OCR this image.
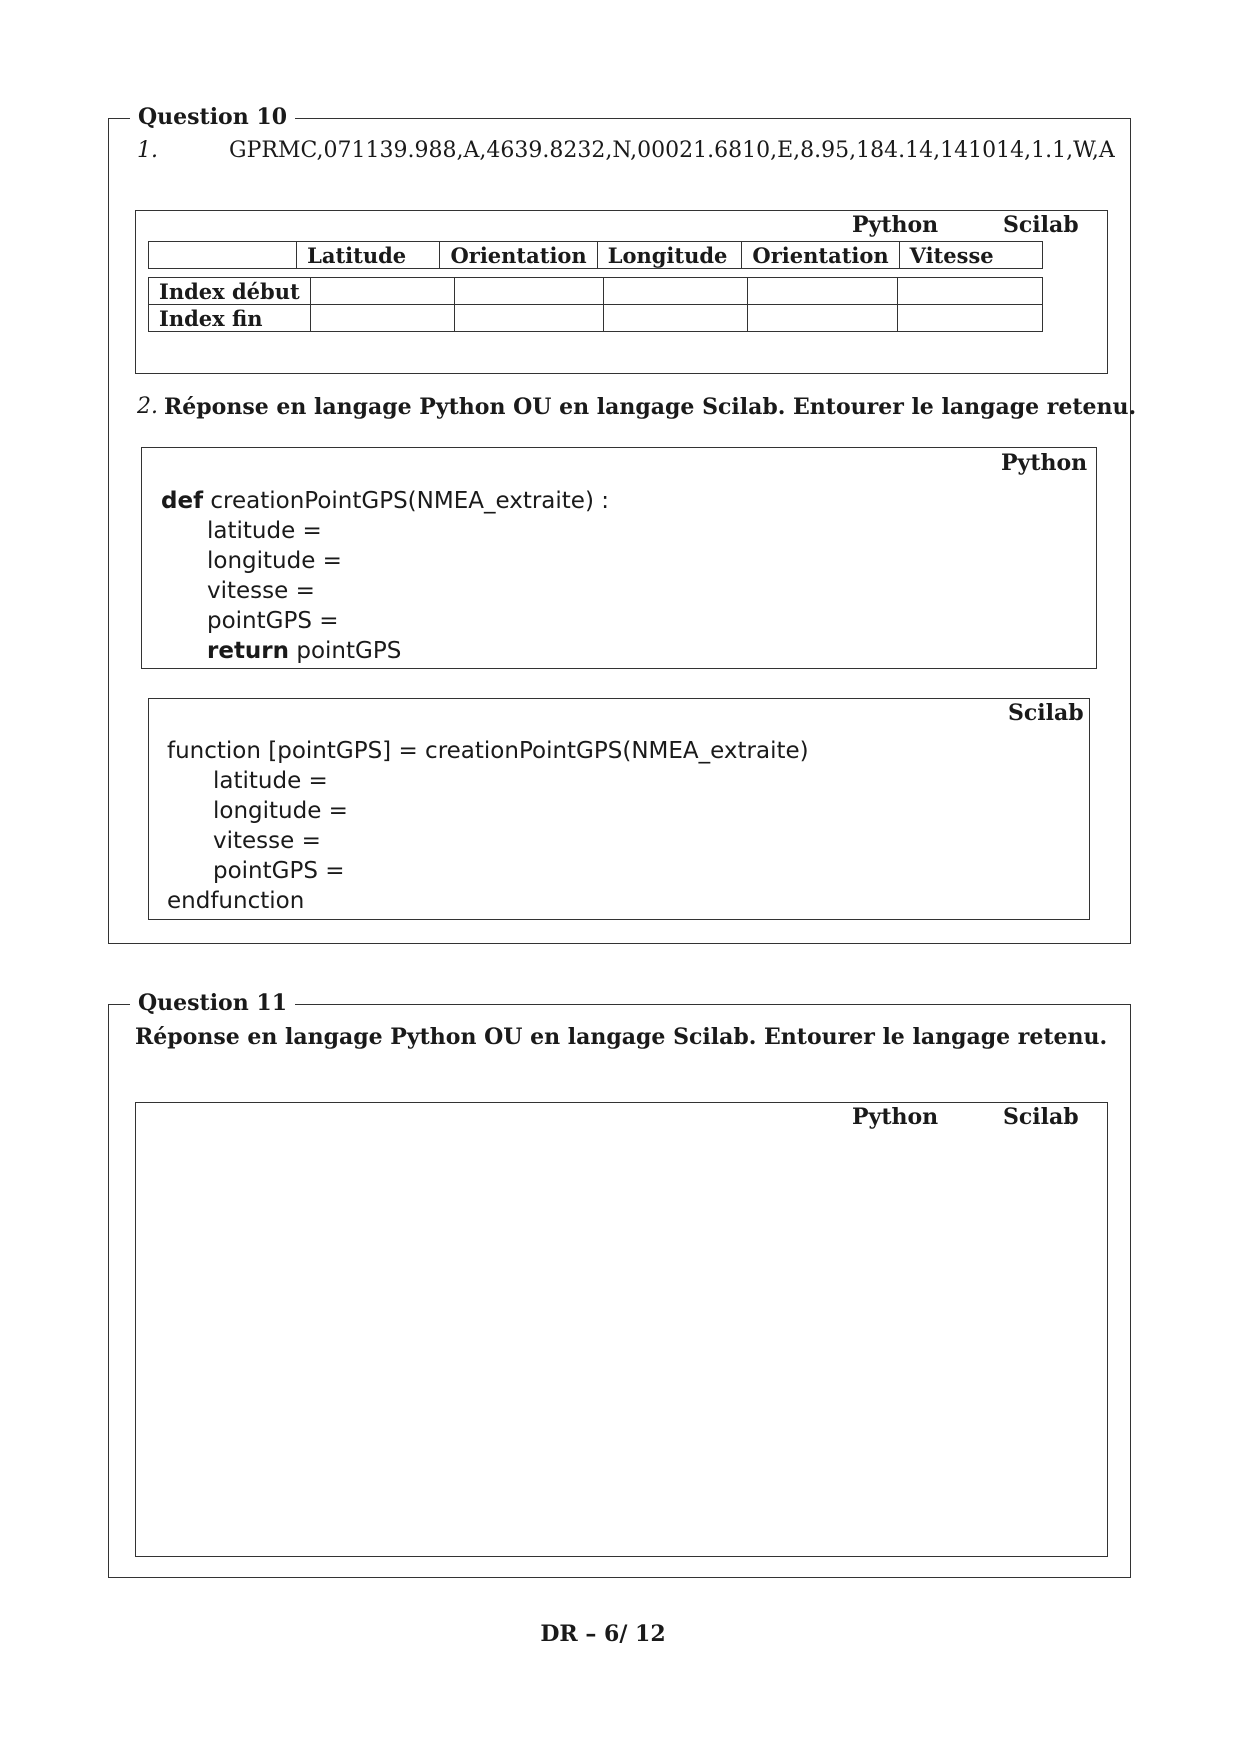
Question 10
1.	GPRMC,071139.988,A,4639.8232,N,00021.6810,E,8.95,184.14,141014,1.1,W,A
Python	Scilab
	Latitude	Orientation	Longitude	Orientation	Vitesse
Index début					
Index fin					
2. Réponse en langage Python OU en langage Scilab. Entourer le langage retenu.
Python
def creationPointGPS(NMEA_extraite) :
latitude =
longitude =
vitesse =
pointGPS =
return pointGPS
Scilab
function [pointGPS] = creationPointGPS(NMEA_extraite)
latitude =
longitude =
vitesse =
pointGPS =
endfunction
Question 11
Réponse en langage Python OU en langage Scilab. Entourer le langage retenu.
Python	Scilab
DR – 6/ 12
